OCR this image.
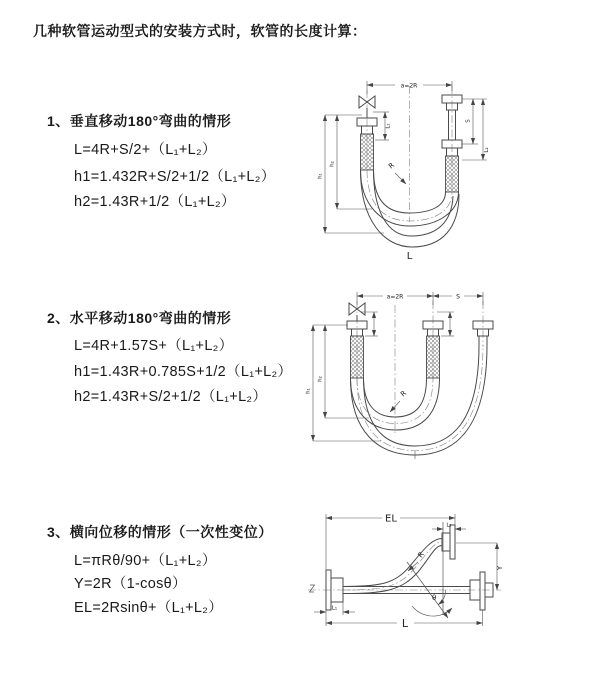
几种软管运动型式的安装方式时，软管的长度计算：
1、垂直移动180°弯曲的情形
L=4R+S/2+（L₁+L₂）
h1=1.432R+S/2+1/2（L₁+L₂）
h2=1.43R+1/2（L₁+L₂）
2、水平移动180°弯曲的情形
L=4R+1.57S+（L₁+L₂）
h1=1.43R+0.785S+1/2（L₁+L₂）
h2=1.43R+S/2+1/2（L₁+L₂）
3、横向位移的情形（一次性变位）
L=πRθ/90+（L₁+L₂）
Y=2R（1-cosθ）
EL=2Rsinθ+（L₁+L₂）
a=2R
L₁
S
L₂
h₁
h₂	R
L
a=2R	S
h₁
h₂
R
θ
R
EL
L₂
Y
L₁
L
